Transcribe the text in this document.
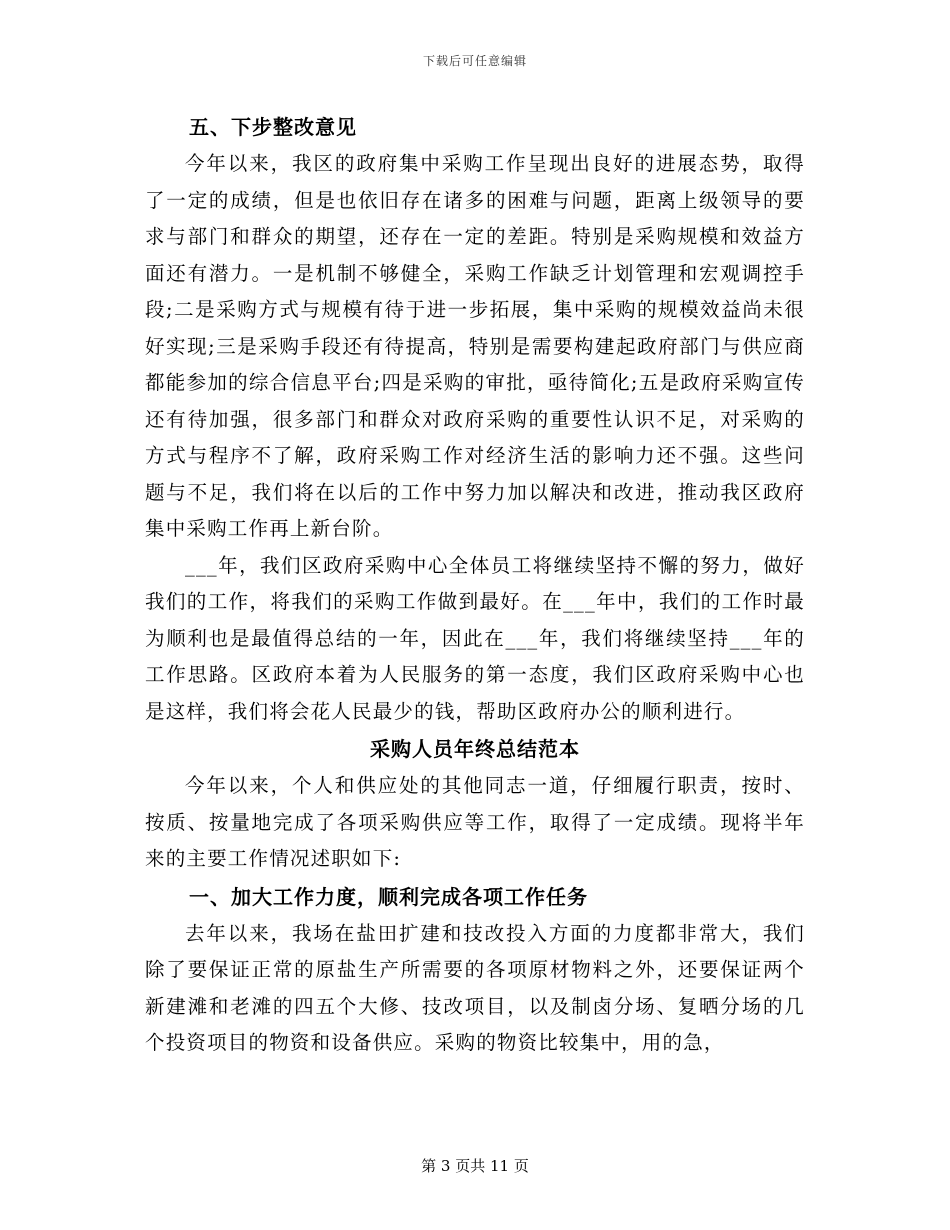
下载后可任意编辑
五、下步整改意见

今年以来，我区的政府集中采购工作呈现出良好的进展态势，取得了一定的成绩，但是也依旧存在诸多的困难与问题，距离上级领导的要求与部门和群众的期望，还存在一定的差距。特别是采购规模和效益方面还有潜力。一是机制不够健全，采购工作缺乏计划管理和宏观调控手段;二是采购方式与规模有待于进一步拓展，集中采购的规模效益尚未很好实现;三是采购手段还有待提高，特别是需要构建起政府部门与供应商都能参加的综合信息平台;四是采购的审批，亟待简化;五是政府采购宣传还有待加强，很多部门和群众对政府采购的重要性认识不足，对采购的方式与程序不了解，政府采购工作对经济生活的影响力还不强。这些问题与不足，我们将在以后的工作中努力加以解决和改进，推动我区政府集中采购工作再上新台阶。

___年，我们区政府采购中心全体员工将继续坚持不懈的努力，做好我们的工作，将我们的采购工作做到最好。在___年中，我们的工作时最为顺利也是最值得总结的一年，因此在___年，我们将继续坚持___年的工作思路。区政府本着为人民服务的第一态度，我们区政府采购中心也是这样，我们将会花人民最少的钱，帮助区政府办公的顺利进行。

采购人员年终总结范本

今年以来，个人和供应处的其他同志一道，仔细履行职责，按时、按质、按量地完成了各项采购供应等工作，取得了一定成绩。现将半年来的主要工作情况述职如下:

一、加大工作力度，顺利完成各项工作任务

去年以来，我场在盐田扩建和技改投入方面的力度都非常大，我们除了要保证正常的原盐生产所需要的各项原材物料之外，还要保证两个新建滩和老滩的四五个大修、技改项目，以及制卤分场、复晒分场的几个投资项目的物资和设备供应。采购的物资比较集中，用的急，

第 3 页共 11 页
